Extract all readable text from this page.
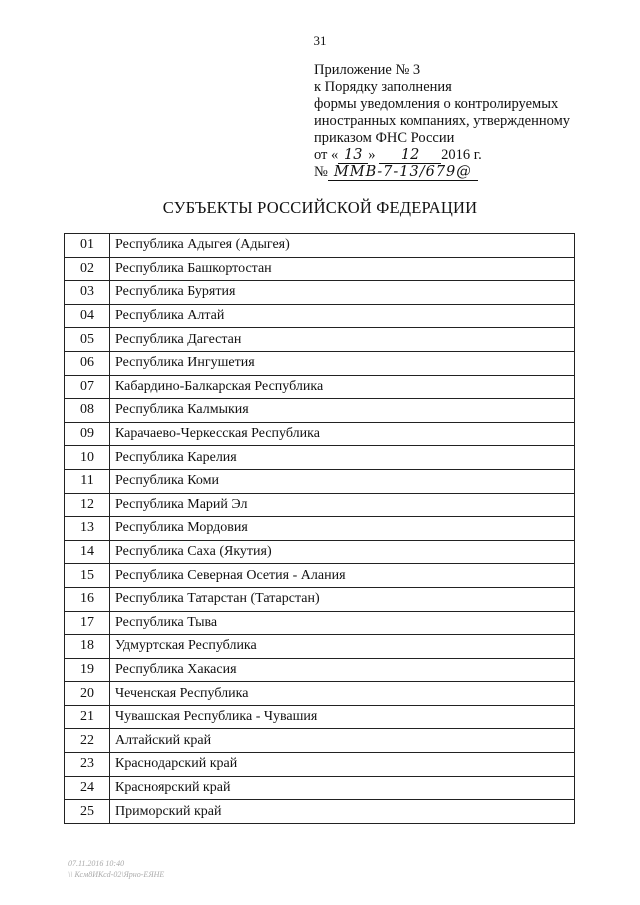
31
Приложение № 3
к Порядку заполнения
формы уведомления о контролируемых
иностранных компаниях, утвержденному
приказом ФНС России
от « 13 » 12 2016 г.
№ ММВ-7-13/679@
СУБЪЕКТЫ РОССИЙСКОЙ ФЕДЕРАЦИИ
01	Республика Адыгея (Адыгея)
02	Республика Башкортостан
03	Республика Бурятия
04	Республика Алтай
05	Республика Дагестан
06	Республика Ингушетия
07	Кабардино-Балкарская Республика
08	Республика Калмыкия
09	Карачаево-Черкесская Республика
10	Республика Карелия
11	Республика Коми
12	Республика Марий Эл
13	Республика Мордовия
14	Республика Саха (Якутия)
15	Республика Северная Осетия - Алания
16	Республика Татарстан (Татарстан)
17	Республика Тыва
18	Удмуртская Республика
19	Республика Хакасия
20	Чеченская Республика
21	Чувашская Республика - Чувашия
22	Алтайский край
23	Краснодарский край
24	Красноярский край
25	Приморский край
07.11.2016 10:40
\\ Ксм8ИКсd-02\Ярно-ЕЯНЕ
